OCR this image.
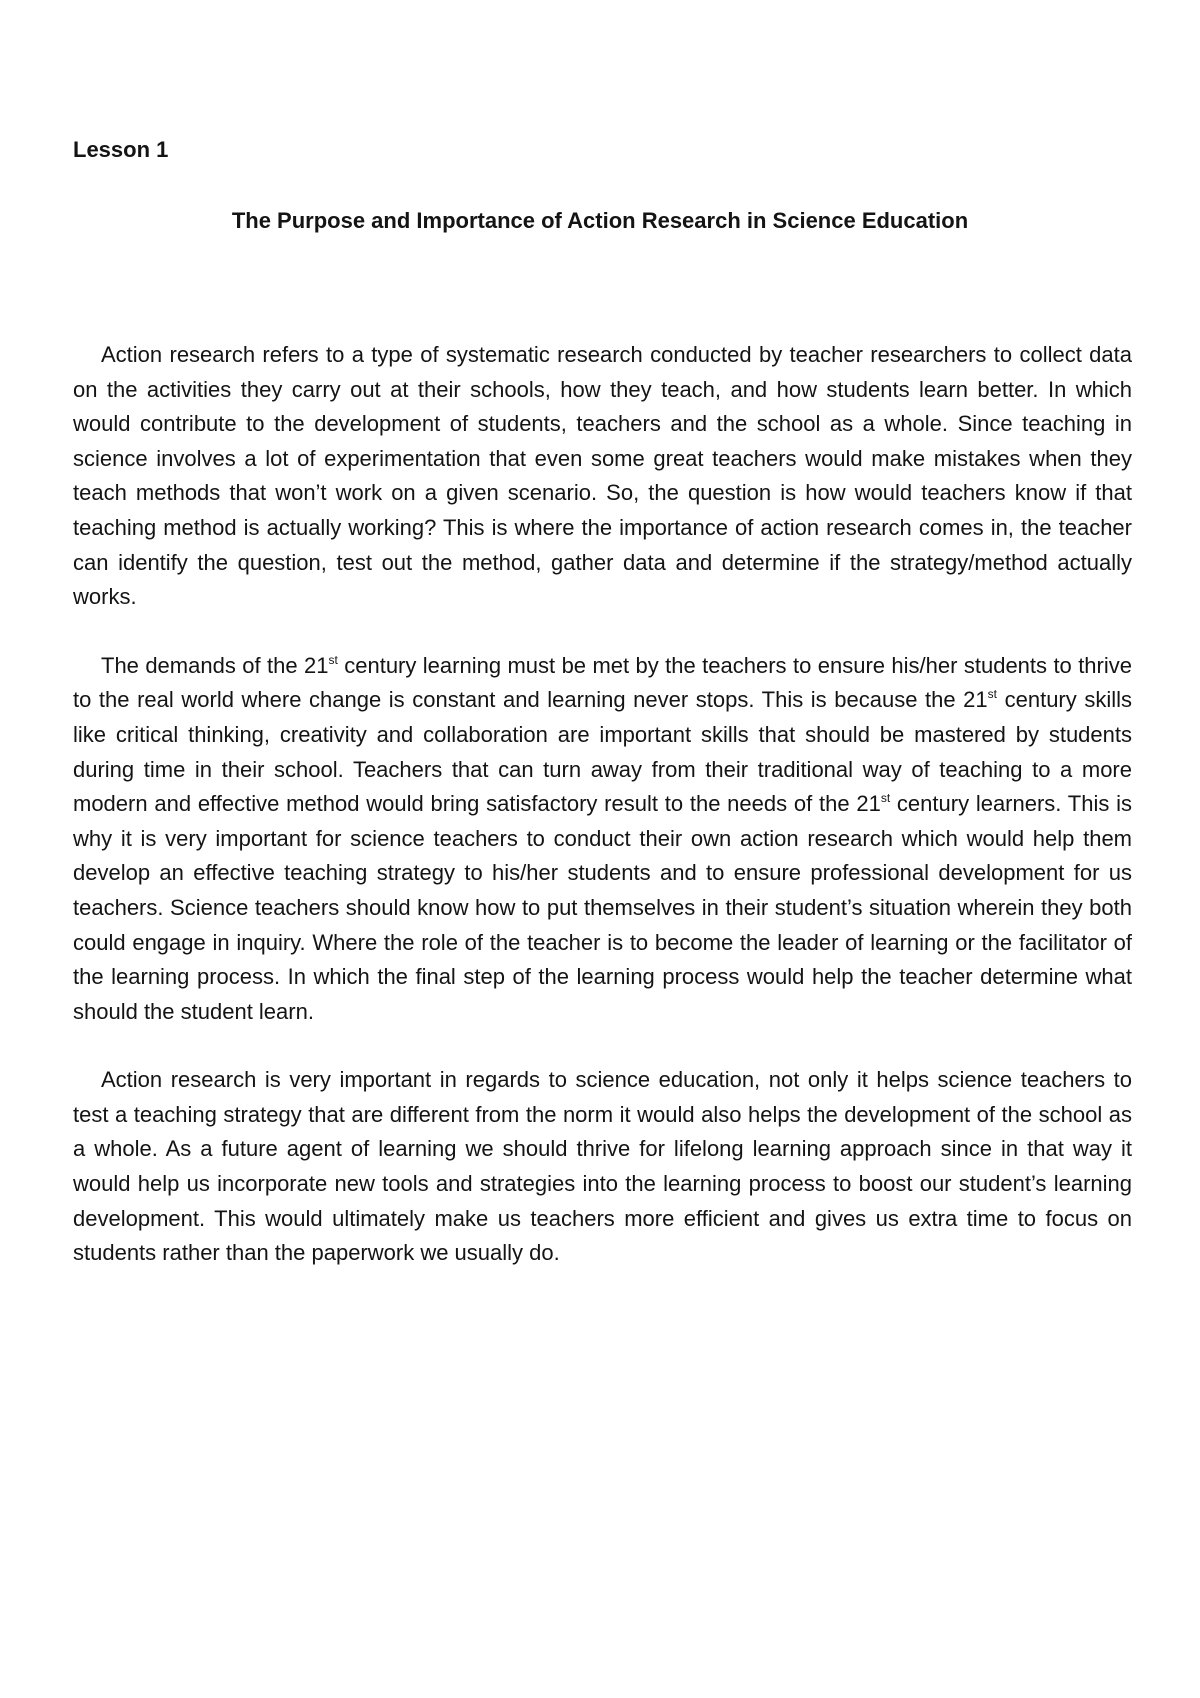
Lesson 1

The Purpose and Importance of Action Research in Science Education

Action research refers to a type of systematic research conducted by teacher researchers to collect data on the activities they carry out at their schools, how they teach, and how students learn better. In which would contribute to the development of students, teachers and the school as a whole. Since teaching in science involves a lot of experimentation that even some great teachers would make mistakes when they teach methods that won’t work on a given scenario. So, the question is how would teachers know if that teaching method is actually working? This is where the importance of action research comes in, the teacher can identify the question, test out the method, gather data and determine if the strategy/method actually works.

The demands of the 21st century learning must be met by the teachers to ensure his/her students to thrive to the real world where change is constant and learning never stops. This is because the 21st century skills like critical thinking, creativity and collaboration are important skills that should be mastered by students during time in their school. Teachers that can turn away from their traditional way of teaching to a more modern and effective method would bring satisfactory result to the needs of the 21st century learners. This is why it is very important for science teachers to conduct their own action research which would help them develop an effective teaching strategy to his/her students and to ensure professional development for us teachers. Science teachers should know how to put themselves in their student’s situation wherein they both could engage in inquiry. Where the role of the teacher is to become the leader of learning or the facilitator of the learning process. In which the final step of the learning process would help the teacher determine what should the student learn.

Action research is very important in regards to science education, not only it helps science teachers to test a teaching strategy that are different from the norm it would also helps the development of the school as a whole. As a future agent of learning we should thrive for lifelong learning approach since in that way it would help us incorporate new tools and strategies into the learning process to boost our student’s learning development. This would ultimately make us teachers more efficient and gives us extra time to focus on students rather than the paperwork we usually do.
